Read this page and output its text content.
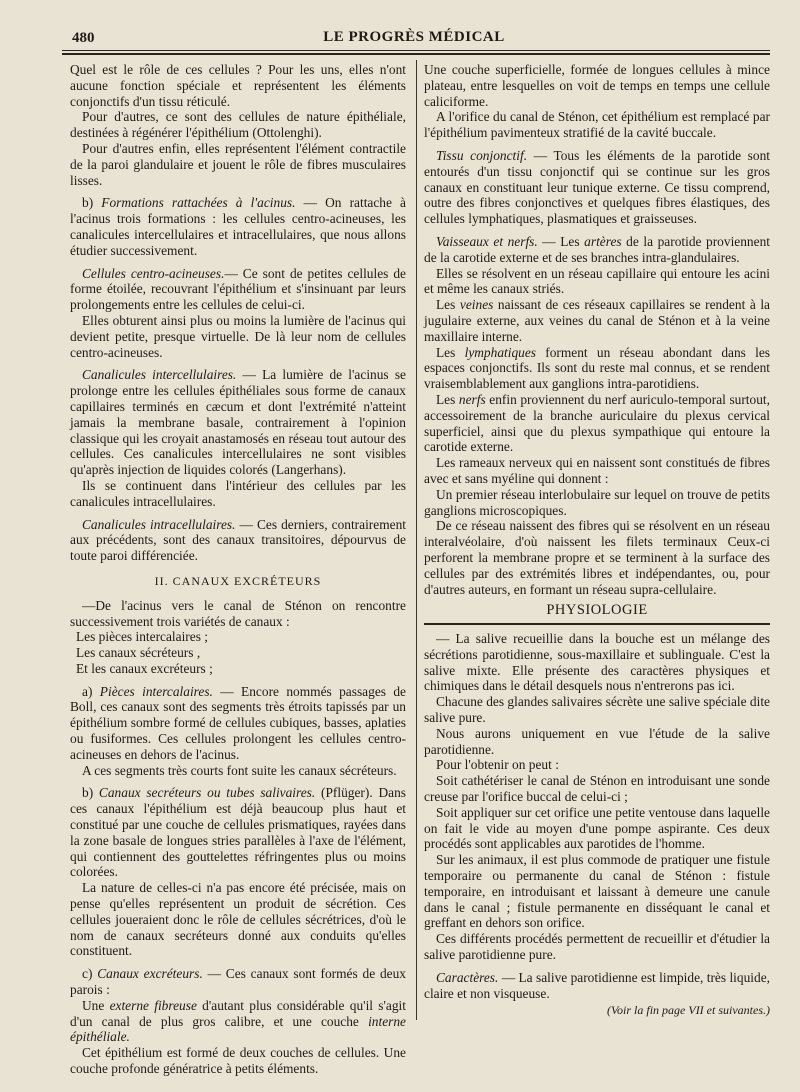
480	LE PROGRÈS MÉDICAL

Quel est le rôle de ces cellules ? Pour les uns, elles n'ont aucune fonction spéciale et représentent les éléments conjonctifs d'un tissu réticulé.

Pour d'autres, ce sont des cellules de nature épithéliale, destinées à régénérer l'épithélium (Ottolenghi).

Pour d'autres enfin, elles représentent l'élément contractile de la paroi glandulaire et jouent le rôle de fibres musculaires lisses.

b) Formations rattachées à l'acinus. — On rattache à l'acinus trois formations : les cellules centro-acineuses, les canalicules intercellulaires et intracellulaires, que nous allons étudier successivement.

Cellules centro-acineuses.— Ce sont de petites cellules de forme étoilée, recouvrant l'épithélium et s'insinuant par leurs prolongements entre les cellules de celui-ci.

Elles obturent ainsi plus ou moins la lumière de l'acinus qui devient petite, presque virtuelle. De là leur nom de cellules centro-acineuses.

Canalicules intercellulaires. — La lumière de l'acinus se prolonge entre les cellules épithéliales sous forme de canaux capillaires terminés en cæcum et dont l'extrémité n'atteint jamais la membrane basale, contrairement à l'opinion classique qui les croyait anastamosés en réseau tout autour des cellules. Ces canalicules intercellulaires ne sont visibles qu'après injection de liquides colorés (Langerhans).

Ils se continuent dans l'intérieur des cellules par les canalicules intracellulaires.

Canalicules intracellulaires. — Ces derniers, contrairement aux précédents, sont des canaux transitoires, dépourvus de toute paroi différenciée.

II. CANAUX EXCRÉTEURS

—De l'acinus vers le canal de Sténon on rencontre successivement trois variétés de canaux :

Les pièces intercalaires ;

Les canaux sécréteurs ,

Et les canaux excréteurs ;

a) Pièces intercalaires. — Encore nommés passages de Boll, ces canaux sont des segments très étroits tapissés par un épithélium sombre formé de cellules cubiques, basses, aplaties ou fusiformes. Ces cellules prolongent les cellules centro-acineuses en dehors de l'acinus.

A ces segments très courts font suite les canaux sécréteurs.

b) Canaux secréteurs ou tubes salivaires. (Pflüger). Dans ces canaux l'épithélium est déjà beaucoup plus haut et constitué par une couche de cellules prismatiques, rayées dans la zone basale de longues stries parallèles à l'axe de l'élément, qui contiennent des gouttelettes réfringentes plus ou moins colorées.

La nature de celles-ci n'a pas encore été précisée, mais on pense qu'elles représentent un produit de sécrétion. Ces cellules joueraient donc le rôle de cellules sécrétrices, d'où le nom de canaux secréteurs donné aux conduits qu'elles constituent.

c) Canaux excréteurs. — Ces canaux sont formés de deux parois :

Une externe fibreuse d'autant plus considérable qu'il s'agit d'un canal de plus gros calibre, et une couche interne épithéliale.

Cet épithélium est formé de deux couches de cellules. Une couche profonde génératrice à petits éléments.

Une couche superficielle, formée de longues cellules à mince plateau, entre lesquelles on voit de temps en temps une cellule caliciforme.

A l'orifice du canal de Sténon, cet épithélium est remplacé par l'épithélium pavimenteux stratifié de la cavité buccale.

Tissu conjonctif. — Tous les éléments de la parotide sont entourés d'un tissu conjonctif qui se continue sur les gros canaux en constituant leur tunique externe. Ce tissu comprend, outre des fibres conjonctives et quelques fibres élastiques, des cellules lymphatiques, plasmatiques et graisseuses.

Vaisseaux et nerfs. — Les artères de la parotide proviennent de la carotide externe et de ses branches intra-glandulaires.

Elles se résolvent en un réseau capillaire qui entoure les acini et même les canaux striés.

Les veines naissant de ces réseaux capillaires se rendent à la jugulaire externe, aux veines du canal de Sténon et à la veine maxillaire interne.

Les lymphatiques forment un réseau abondant dans les espaces conjonctifs. Ils sont du reste mal connus, et se rendent vraisemblablement aux ganglions intra-parotidiens.

Les nerfs enfin proviennent du nerf auriculo-temporal surtout, accessoirement de la branche auriculaire du plexus cervical superficiel, ainsi que du plexus sympathique qui entoure la carotide externe.

Les rameaux nerveux qui en naissent sont constitués de fibres avec et sans myéline qui donnent :

Un premier réseau interlobulaire sur lequel on trouve de petits ganglions microscopiques.

De ce réseau naissent des fibres qui se résolvent en un réseau interalvéolaire, d'où naissent les filets terminaux Ceux-ci perforent la membrane propre et se terminent à la surface des cellules par des extrémités libres et indépendantes, ou, pour d'autres auteurs, en formant un réseau supra-cellulaire.

PHYSIOLOGIE

— La salive recueillie dans la bouche est un mélange des sécrétions parotidienne, sous-maxillaire et sublinguale. C'est la salive mixte. Elle présente des caractères physiques et chimiques dans le détail desquels nous n'entrerons pas ici.

Chacune des glandes salivaires sécrète une salive spéciale dite salive pure.

Nous aurons uniquement en vue l'étude de la salive parotidienne.

Pour l'obtenir on peut :

Soit cathétériser le canal de Sténon en introduisant une sonde creuse par l'orifice buccal de celui-ci ;

Soit appliquer sur cet orifice une petite ventouse dans laquelle on fait le vide au moyen d'une pompe aspirante. Ces deux procédés sont applicables aux parotides de l'homme.

Sur les animaux, il est plus commode de pratiquer une fistule temporaire ou permanente du canal de Sténon : fistule temporaire, en introduisant et laissant à demeure une canule dans le canal ; fistule permanente en disséquant le canal et greffant en dehors son orifice.

Ces différents procédés permettent de recueillir et d'étudier la salive parotidienne pure.

Caractères. — La salive parotidienne est limpide, très liquide, claire et non visqueuse.

(Voir la fin page VII et suivantes.)
